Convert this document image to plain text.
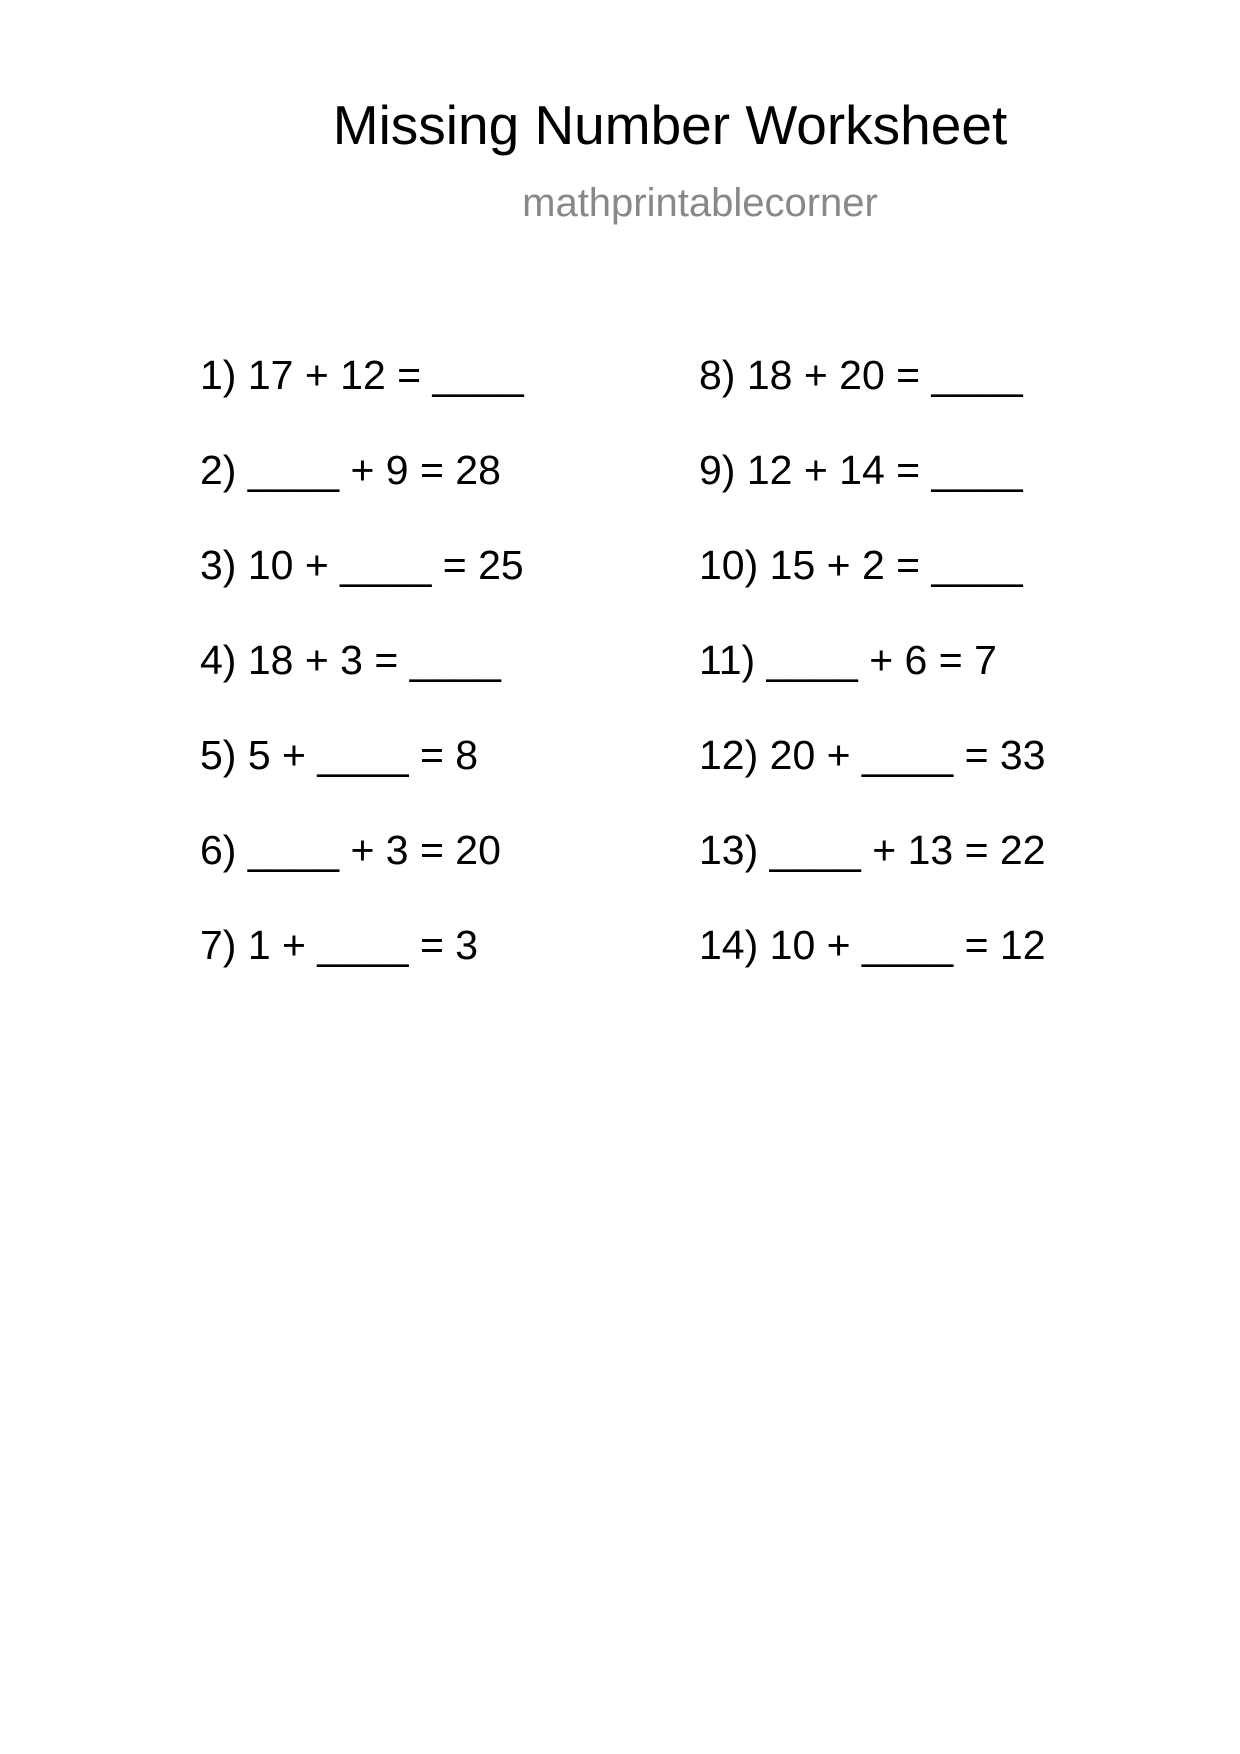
Missing Number Worksheet
mathprintablecorner
1) 17 + 12 = ____
2) ____ + 9 = 28
3) 10 + ____ = 25
4) 18 + 3 = ____
5) 5 + ____ = 8
6) ____ + 3 = 20
7) 1 + ____ = 3
8) 18 + 20 = ____
9) 12 + 14 = ____
10) 15 + 2 = ____
11) ____ + 6 = 7
12) 20 + ____ = 33
13) ____ + 13 = 22
14) 10 + ____ = 12
